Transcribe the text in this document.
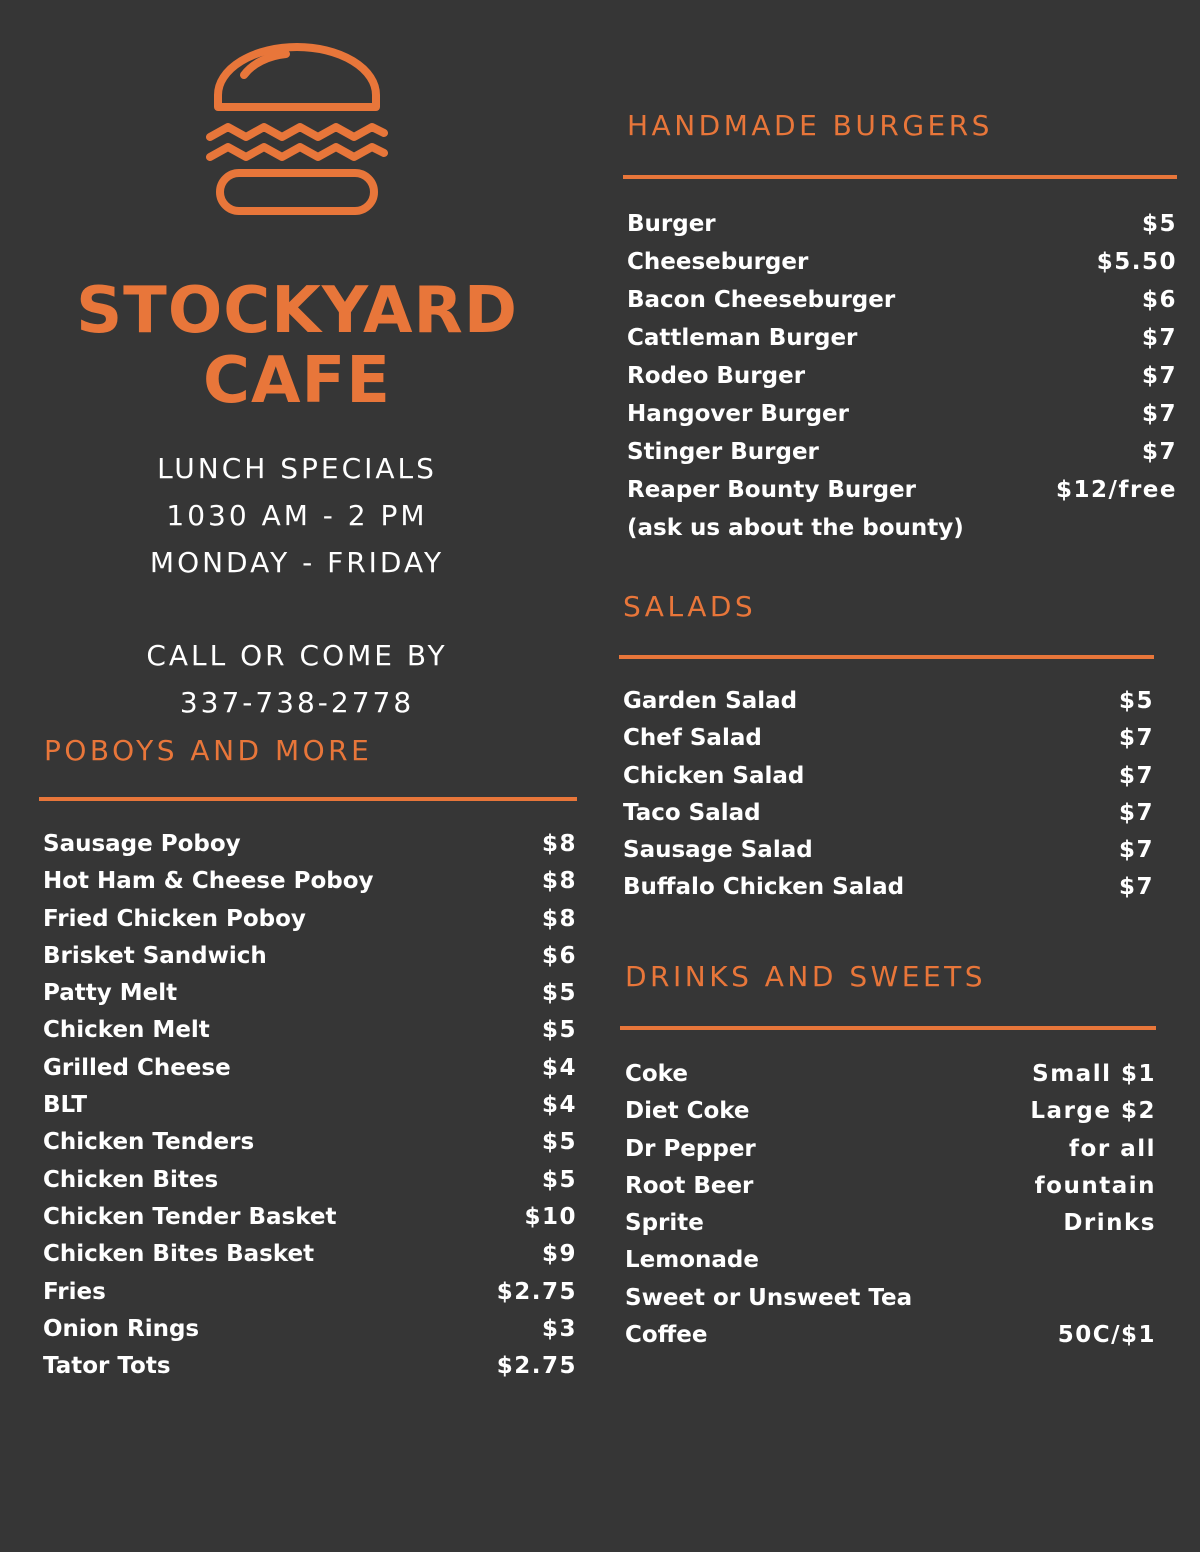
STOCKYARD
CAFE
LUNCH SPECIALS
1030 AM - 2 PM
MONDAY - FRIDAY
CALL OR COME BY
337-738-2778
POBOYS AND MORE
Sausage Poboy	$8
Hot Ham & Cheese Poboy	$8
Fried Chicken Poboy	$8
Brisket Sandwich	$6
Patty Melt	$5
Chicken Melt	$5
Grilled Cheese	$4
BLT	$4
Chicken Tenders	$5
Chicken Bites	$5
Chicken Tender Basket	$10
Chicken Bites Basket	$9
Fries	$2.75
Onion Rings	$3
Tator Tots	$2.75
HANDMADE BURGERS
Burger	$5
Cheeseburger	$5.50
Bacon Cheeseburger	$6
Cattleman Burger	$7
Rodeo Burger	$7
Hangover Burger	$7
Stinger Burger	$7
Reaper Bounty Burger	$12/free
(ask us about the bounty)
SALADS
Garden Salad	$5
Chef Salad	$7
Chicken Salad	$7
Taco Salad	$7
Sausage Salad	$7
Buffalo Chicken Salad	$7
DRINKS AND SWEETS
Coke	Small $1
Diet Coke	Large $2
Dr Pepper	for all
Root Beer	fountain
Sprite	Drinks
Lemonade
Sweet or Unsweet Tea
Coffee	50C/$1
